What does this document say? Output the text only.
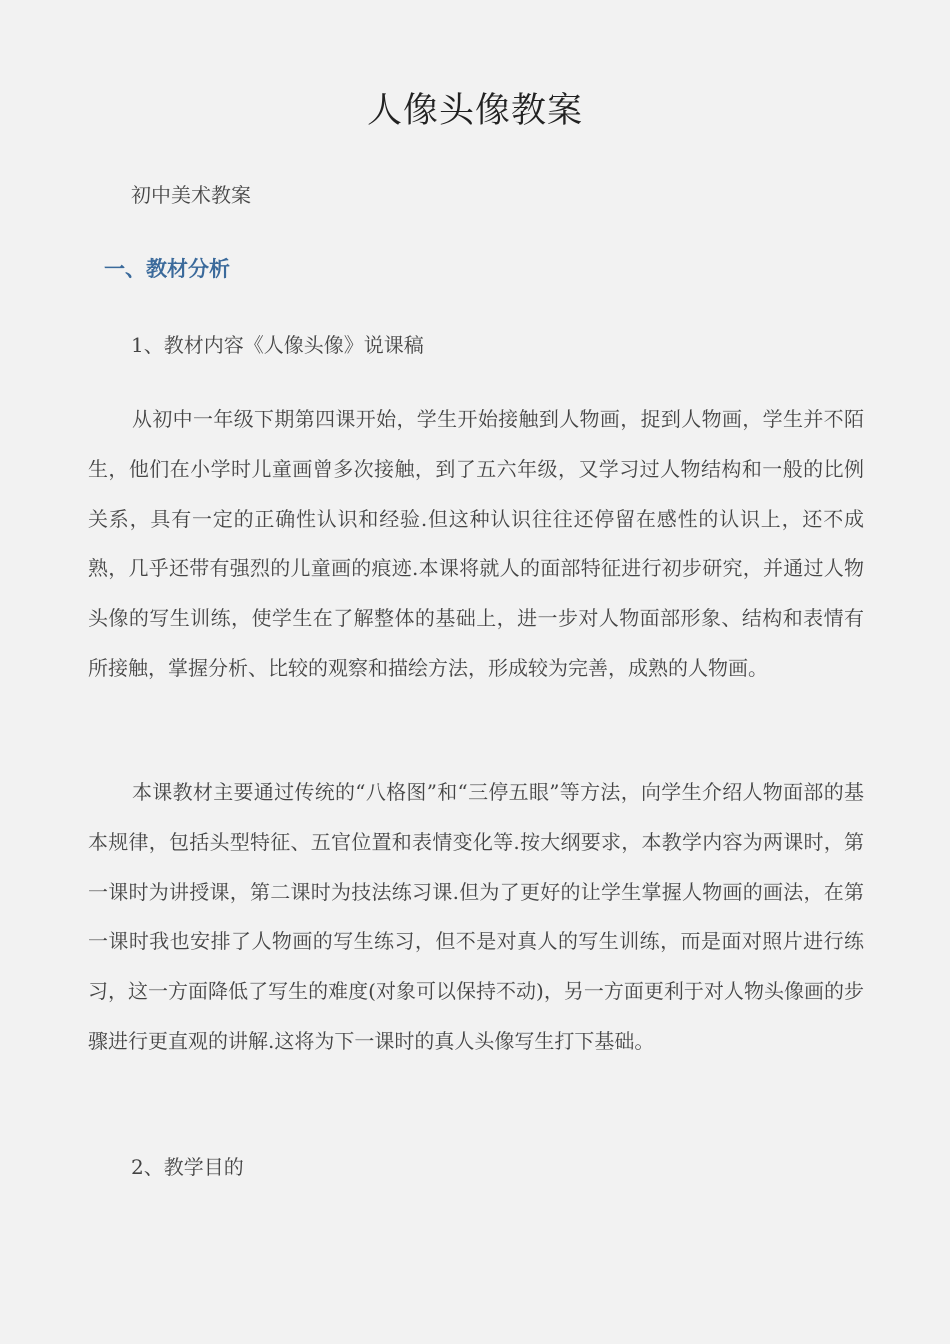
人像头像教案
初中美术教案
一、教材分析
1、教材内容《人像头像》说课稿

从初中一年级下期第四课开始，学生开始接触到人物画，捉到人物画，学生并不陌生，他们在小学时儿童画曾多次接触，到了五六年级，又学习过人物结构和一般的比例关系，具有一定的正确性认识和经验.但这种认识往往还停留在感性的认识上，还不成熟，几乎还带有强烈的儿童画的痕迹.本课将就人的面部特征进行初步研究，并通过人物头像的写生训练，使学生在了解整体的基础上，进一步对人物面部形象、结构和表情有所接触，掌握分析、比较的观察和描绘方法，形成较为完善，成熟的人物画。

本课教材主要通过传统的“八格图”和“三停五眼”等方法，向学生介绍人物面部的基本规律，包括头型特征、五官位置和表情变化等.按大纲要求，本教学内容为两课时，第一课时为讲授课，第二课时为技法练习课.但为了更好的让学生掌握人物画的画法，在第一课时我也安排了人物画的写生练习，但不是对真人的写生训练，而是面对照片进行练习，这一方面降低了写生的难度(对象可以保持不动)，另一方面更利于对人物头像画的步骤进行更直观的讲解.这将为下一课时的真人头像写生打下基础。

2、教学目的
